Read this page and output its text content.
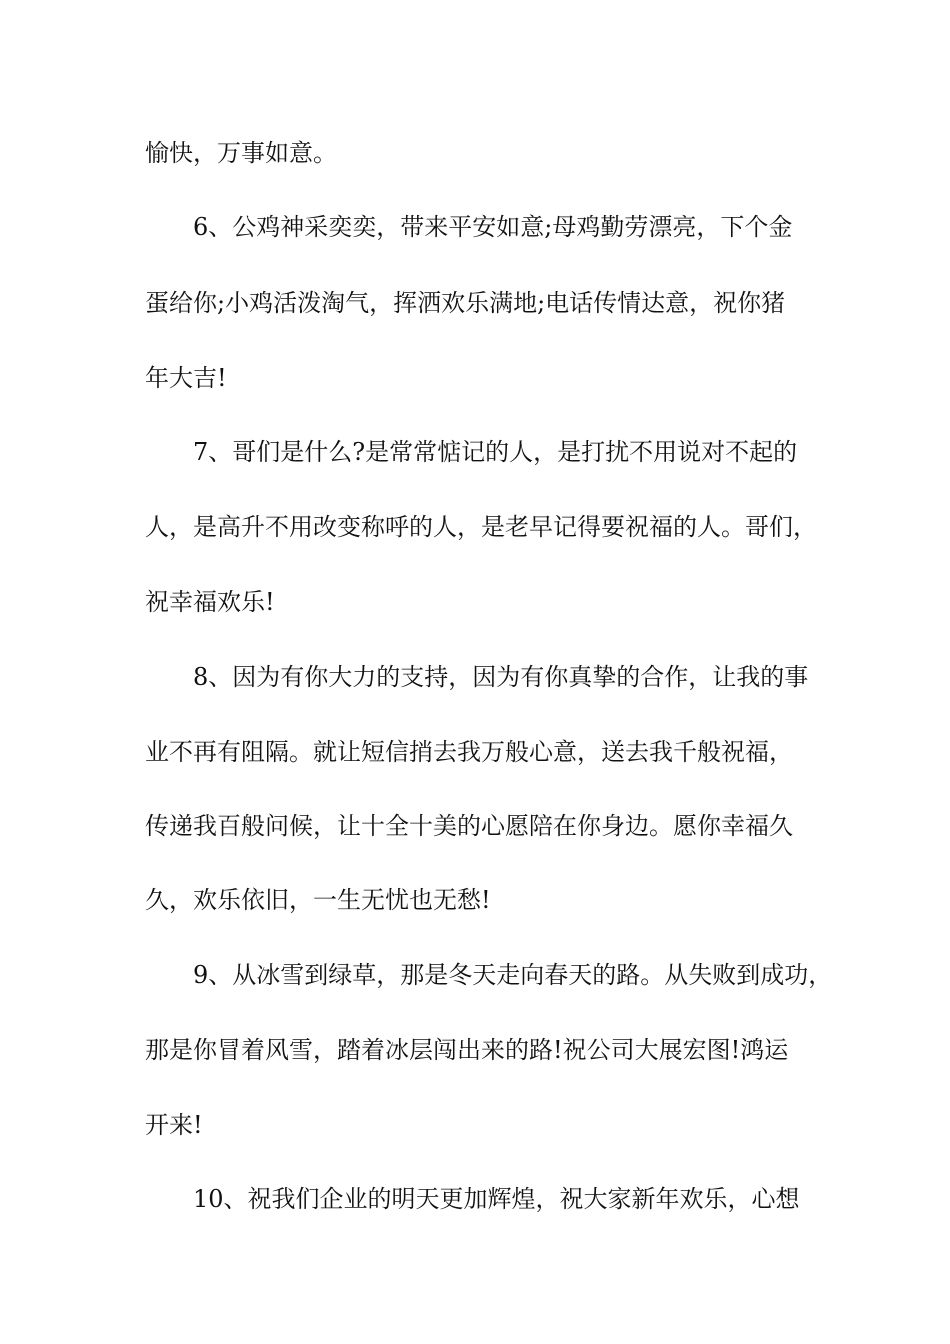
愉快，万事如意。
6、公鸡神采奕奕，带来平安如意;母鸡勤劳漂亮，下个金
蛋给你;小鸡活泼淘气，挥洒欢乐满地;电话传情达意，祝你猪
年大吉!
7、哥们是什么?是常常惦记的人，是打扰不用说对不起的
人，是高升不用改变称呼的人，是老早记得要祝福的人。哥们，
祝幸福欢乐!
8、因为有你大力的支持，因为有你真挚的合作，让我的事
业不再有阻隔。就让短信捎去我万般心意，送去我千般祝福，
传递我百般问候，让十全十美的心愿陪在你身边。愿你幸福久
久，欢乐依旧，一生无忧也无愁!
9、从冰雪到绿草，那是冬天走向春天的路。从失败到成功，
那是你冒着风雪，踏着冰层闯出来的路!祝公司大展宏图!鸿运
开来!
10、祝我们企业的明天更加辉煌，祝大家新年欢乐，心想
